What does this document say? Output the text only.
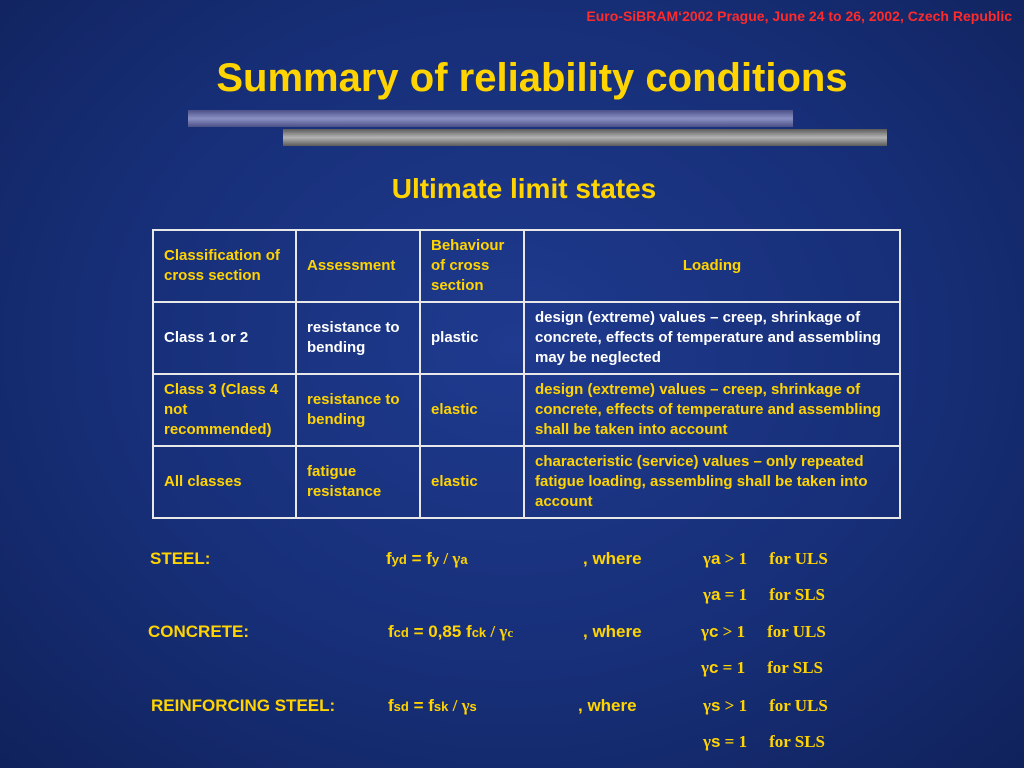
Euro-SiBRAM‘2002 Prague, June 24 to 26, 2002, Czech Republic
Summary of reliability conditions
Ultimate limit states
Classification of cross section	Assessment	Behaviour of cross section	Loading
Class 1 or 2	resistance to bending	plastic	design (extreme) values – creep, shrinkage of concrete, effects of temperature and assembling may be neglected
Class 3 (Class 4 not recommended)	resistance to bending	elastic	design (extreme) values – creep, shrinkage of concrete, effects of temperature and assembling shall be taken into account
All classes	fatigue resistance	elastic	characteristic (service) values – only repeated fatigue loading, assembling shall be taken into account
STEEL:	fyd = fy / γa	, where	γa > 1 for ULS
γa = 1 for SLS
CONCRETE:	fcd = 0,85 fck / γc	, where	γc > 1 for ULS
γc = 1 for SLS
REINFORCING STEEL:	fsd = fsk / γs	, where	γs > 1 for ULS
γs = 1 for SLS
